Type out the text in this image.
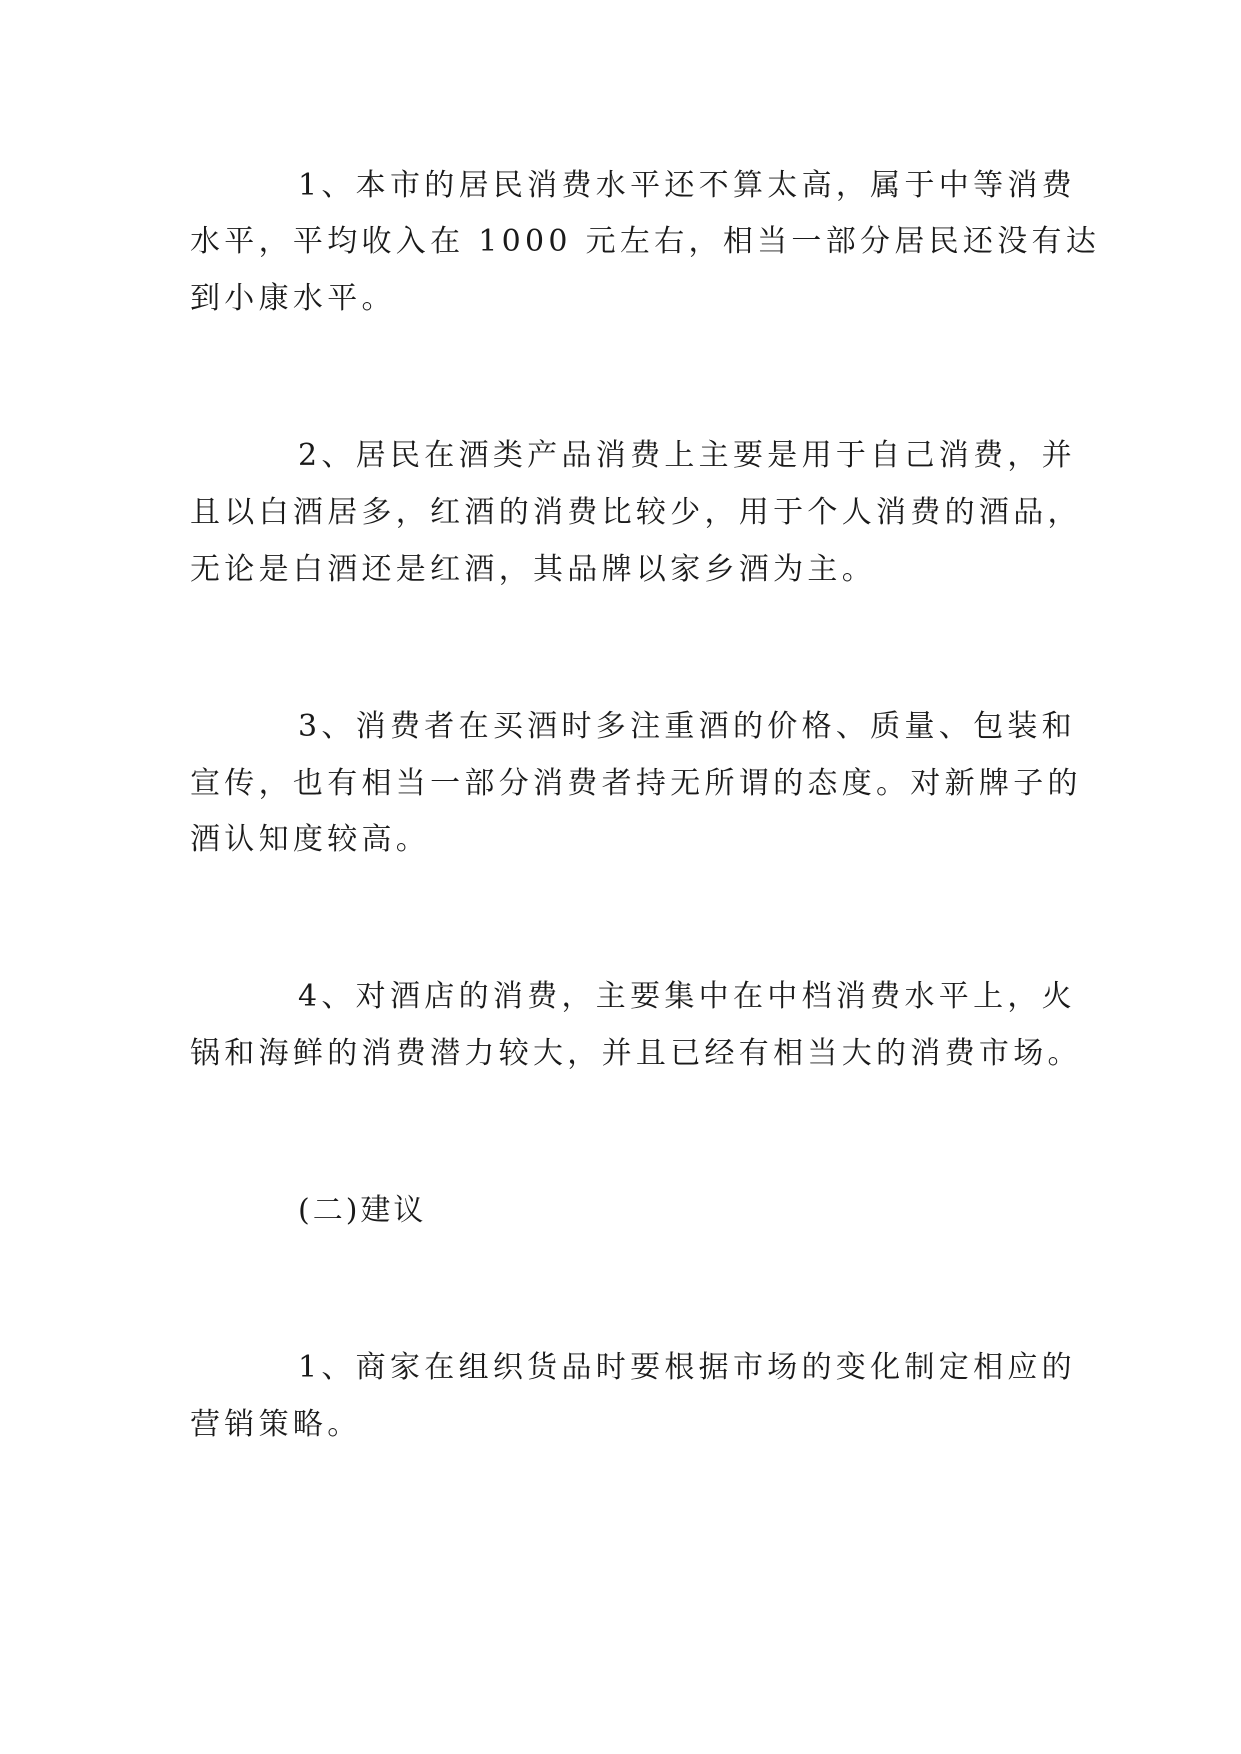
1、本市的居民消费水平还不算太高，属于中等消费
水平，平均收入在 1000 元左右，相当一部分居民还没有达
到小康水平。
2、居民在酒类产品消费上主要是用于自己消费，并
且以白酒居多，红酒的消费比较少，用于个人消费的酒品，
无论是白酒还是红酒，其品牌以家乡酒为主。
3、消费者在买酒时多注重酒的价格、质量、包装和
宣传，也有相当一部分消费者持无所谓的态度。对新牌子的
酒认知度较高。
4、对酒店的消费，主要集中在中档消费水平上，火
锅和海鲜的消费潜力较大，并且已经有相当大的消费市场。
(二)建议
1、商家在组织货品时要根据市场的变化制定相应的
营销策略。
